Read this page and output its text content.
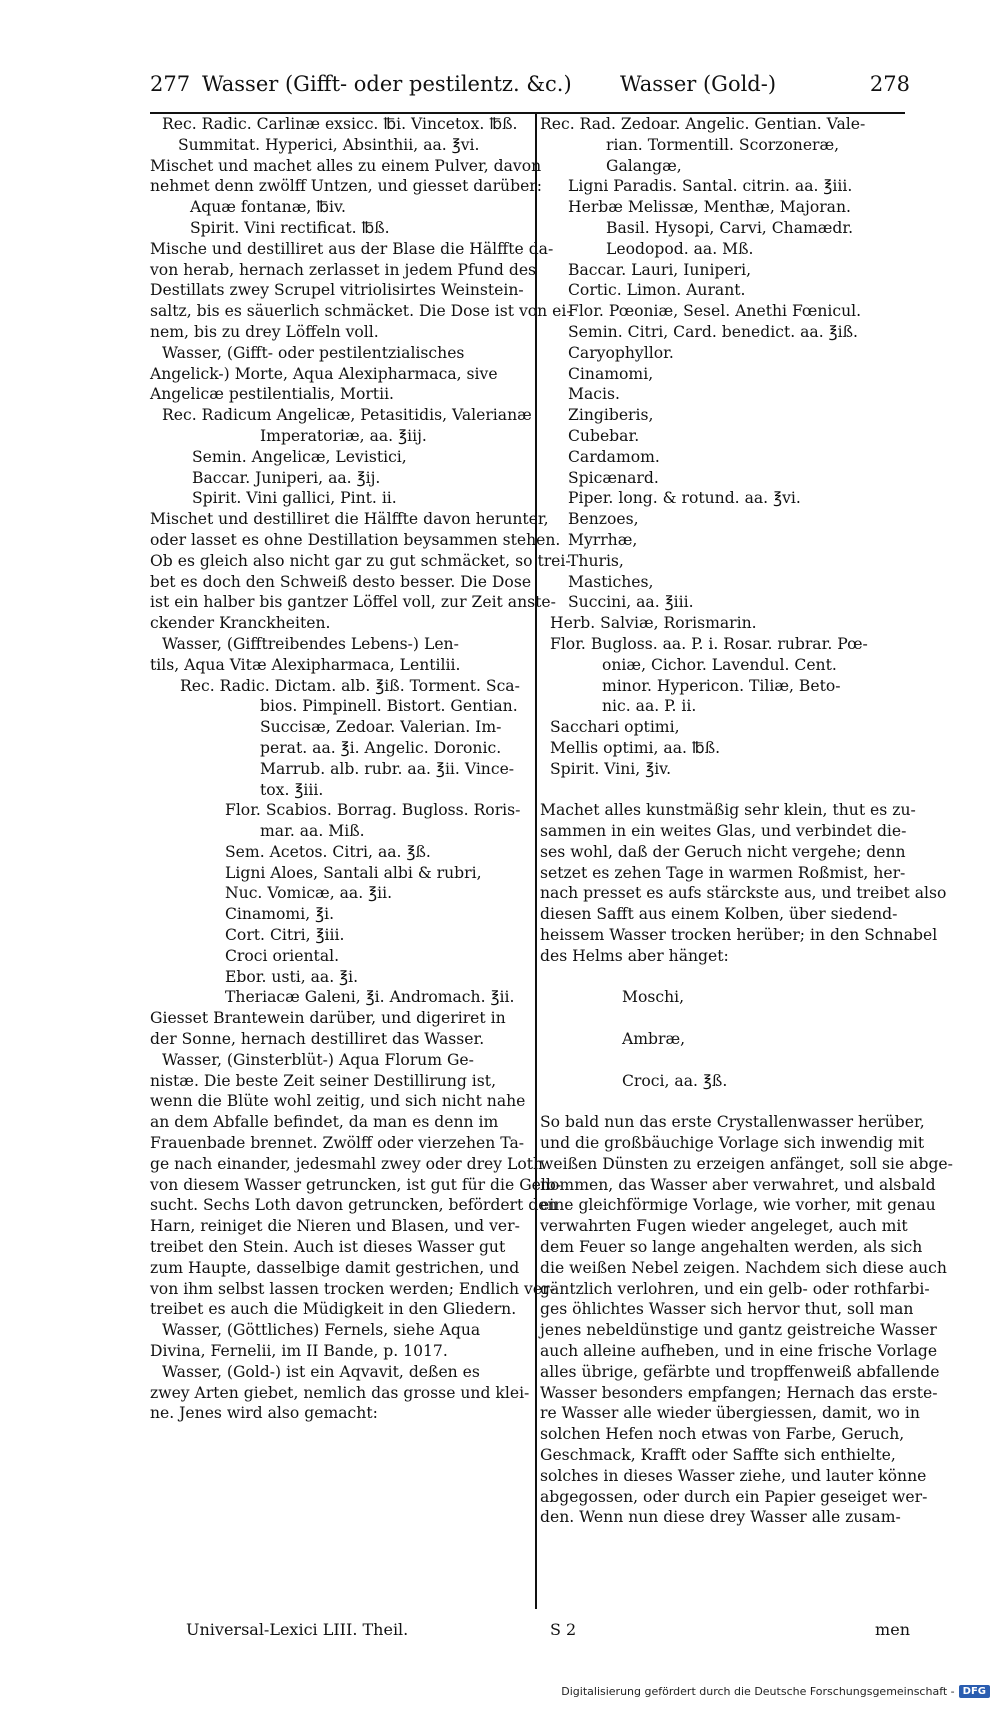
277 Wasser (Gifft- oder pestilentz. &c.) Wasser (Gold-)	278
Rec. Radic. Carlinæ exsicc. ℔i. Vincetox. ℔ß.
Summitat. Hyperici, Absinthii, aa. ℥vi.
Mischet und machet alles zu einem Pulver, davon
nehmet denn zwölff Untzen, und giesset darüber:
Aquæ fontanæ, ℔iv.
Spirit. Vini rectificat. ℔ß.
Mische und destilliret aus der Blase die Hälffte da-
von herab, hernach zerlasset in jedem Pfund des
Destillats zwey Scrupel vitriolisirtes Weinstein-
saltz, bis es säuerlich schmäcket. Die Dose ist von ei-
nem, bis zu drey Löffeln voll.
Wasser, (Gifft- oder pestilentzialisches
Angelick-) Morte, Aqua Alexipharmaca, sive
Angelicæ pestilentialis, Mortii.
Rec. Radicum Angelicæ, Petasitidis, Valerianæ
Imperatoriæ, aa. ℥iij.
Semin. Angelicæ, Levistici,
Baccar. Juniperi, aa. ℥ij.
Spirit. Vini gallici, Pint. ii.
Mischet und destilliret die Hälffte davon herunter,
oder lasset es ohne Destillation beysammen stehen.
Ob es gleich also nicht gar zu gut schmäcket, so trei-
bet es doch den Schweiß desto besser. Die Dose
ist ein halber bis gantzer Löffel voll, zur Zeit anste-
ckender Kranckheiten.
Wasser, (Gifftreibendes Lebens-) Len-
tils, Aqua Vitæ Alexipharmaca, Lentilii.
Rec. Radic. Dictam. alb. ℥iß. Torment. Sca-
bios. Pimpinell. Bistort. Gentian.
Succisæ, Zedoar. Valerian. Im-
perat. aa. ℥i. Angelic. Doronic.
Marrub. alb. rubr. aa. ℥ii. Vince-
tox. ℥iii.
Flor. Scabios. Borrag. Bugloss. Roris-
mar. aa. Miß.
Sem. Acetos. Citri, aa. ℥ß.
Ligni Aloes, Santali albi & rubri,
Nuc. Vomicæ, aa. ℥ii.
Cinamomi, ℥i.
Cort. Citri, ℥iii.
Croci oriental.
Ebor. usti, aa. ℥i.
Theriacæ Galeni, ℥i. Andromach. ℥ii.
Giesset Brantewein darüber, und digeriret in
der Sonne, hernach destilliret das Wasser.
Wasser, (Ginsterblüt-) Aqua Florum Ge-
nistæ. Die beste Zeit seiner Destillirung ist,
wenn die Blüte wohl zeitig, und sich nicht nahe
an dem Abfalle befindet, da man es denn im
Frauenbade brennet. Zwölff oder vierzehen Ta-
ge nach einander, jedesmahl zwey oder drey Loth
von diesem Wasser getruncken, ist gut für die Gelb-
sucht. Sechs Loth davon getruncken, befördert den
Harn, reiniget die Nieren und Blasen, und ver-
treibet den Stein. Auch ist dieses Wasser gut
zum Haupte, dasselbige damit gestrichen, und
von ihm selbst lassen trocken werden; Endlich ver-
treibet es auch die Müdigkeit in den Gliedern.
Wasser, (Göttliches) Fernels, siehe Aqua
Divina, Fernelii, im II Bande, p. 1017.
Wasser, (Gold-) ist ein Aqvavit, deßen es
zwey Arten giebet, nemlich das grosse und klei-
ne. Jenes wird also gemacht:
Rec. Rad. Zedoar. Angelic. Gentian. Vale-
rian. Tormentill. Scorzoneræ,
Galangæ,
Ligni Paradis. Santal. citrin. aa. ℥iii.
Herbæ Melissæ, Menthæ, Majoran.
Basil. Hysopi, Carvi, Chamædr.
Leodopod. aa. Mß.
Baccar. Lauri, Iuniperi,
Cortic. Limon. Aurant.
Flor. Pœoniæ, Sesel. Anethi Fœnicul.
Semin. Citri, Card. benedict. aa. ℥iß.
Caryophyllor.
Cinamomi,
Macis.
Zingiberis,
Cubebar.
Cardamom.
Spicænard.
Piper. long. & rotund. aa. ℥vi.
Benzoes,
Myrrhæ,
Thuris,
Mastiches,
Succini, aa. ℥iii.
Herb. Salviæ, Rorismarin.
Flor. Bugloss. aa. P. i. Rosar. rubrar. Pœ-
oniæ, Cichor. Lavendul. Cent.
minor. Hypericon. Tiliæ, Beto-
nic. aa. P. ii.
Sacchari optimi,
Mellis optimi, aa. ℔ß.
Spirit. Vini, ℥iv.
Machet alles kunstmäßig sehr klein, thut es zu-
sammen in ein weites Glas, und verbindet die-
ses wohl, daß der Geruch nicht vergehe; denn
setzet es zehen Tage in warmen Roßmist, her-
nach presset es aufs stärckste aus, und treibet also
diesen Safft aus einem Kolben, über siedend-
heissem Wasser trocken herüber; in den Schnabel
des Helms aber hänget:
Moschi,
Ambræ,
Croci, aa. ℥ß.
So bald nun das erste Crystallenwasser herüber,
und die großbäuchige Vorlage sich inwendig mit
weißen Dünsten zu erzeigen anfänget, soll sie abge-
nommen, das Wasser aber verwahret, und alsbald
eine gleichförmige Vorlage, wie vorher, mit genau
verwahrten Fugen wieder angeleget, auch mit
dem Feuer so lange angehalten werden, als sich
die weißen Nebel zeigen. Nachdem sich diese auch
gäntzlich verlohren, und ein gelb- oder rothfarbi-
ges öhlichtes Wasser sich hervor thut, soll man
jenes nebeldünstige und gantz geistreiche Wasser
auch alleine aufheben, und in eine frische Vorlage
alles übrige, gefärbte und tropffenweiß abfallende
Wasser besonders empfangen; Hernach das erste-
re Wasser alle wieder übergiessen, damit, wo in
solchen Hefen noch etwas von Farbe, Geruch,
Geschmack, Krafft oder Saffte sich enthielte,
solches in dieses Wasser ziehe, und lauter könne
abgegossen, oder durch ein Papier geseiget wer-
den. Wenn nun diese drey Wasser alle zusam-
Universal-Lexici LIII. Theil.	S 2	men
Digitalisierung gefördert durch die Deutsche Forschungsgemeinschaft - DFG
